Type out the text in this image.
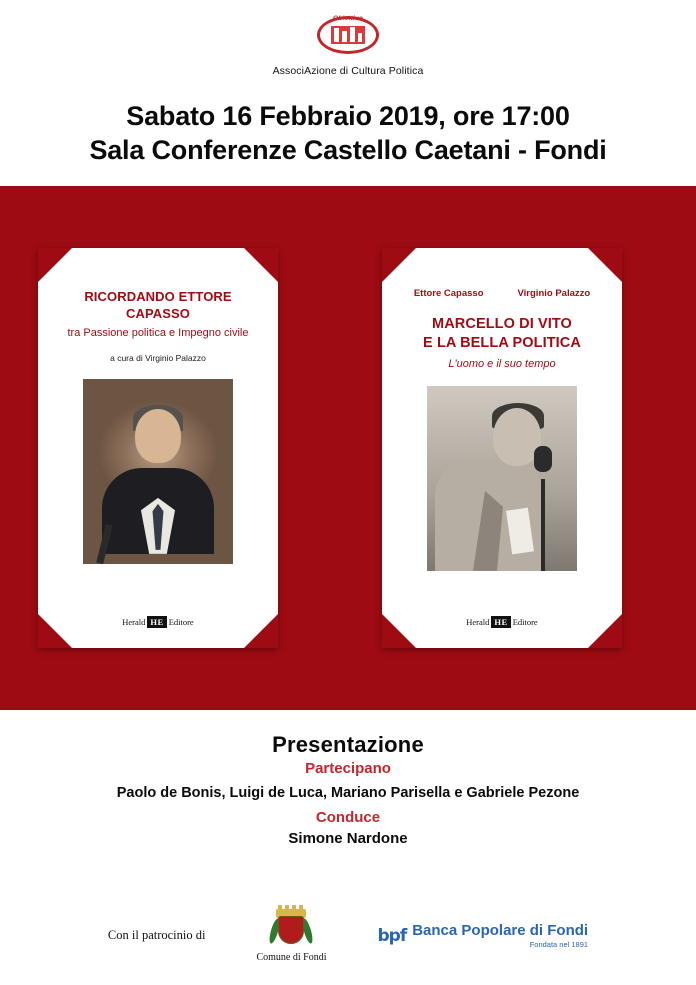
Obiettivo
COMUNE
AssociAzione di Cultura Politica
Sabato 16 Febbraio 2019, ore 17:00
Sala Conferenze Castello Caetani - Fondi
RICORDANDO ETTORE CAPASSO
tra Passione politica e Impegno civile
a cura di Virginio Palazzo
Herald HE Editore
Ettore Capasso	Virginio Palazzo
MARCELLO DI VITO
E LA BELLA POLITICA
L'uomo e il suo tempo
Herald HE Editore
Presentazione
Partecipano
Paolo de Bonis, Luigi de Luca, Mariano Parisella e Gabriele Pezone
Conduce
Simone Nardone
Con il patrocinio di
Comune di Fondi
bpf Banca Popolare di Fondi
Fondata nel 1891
